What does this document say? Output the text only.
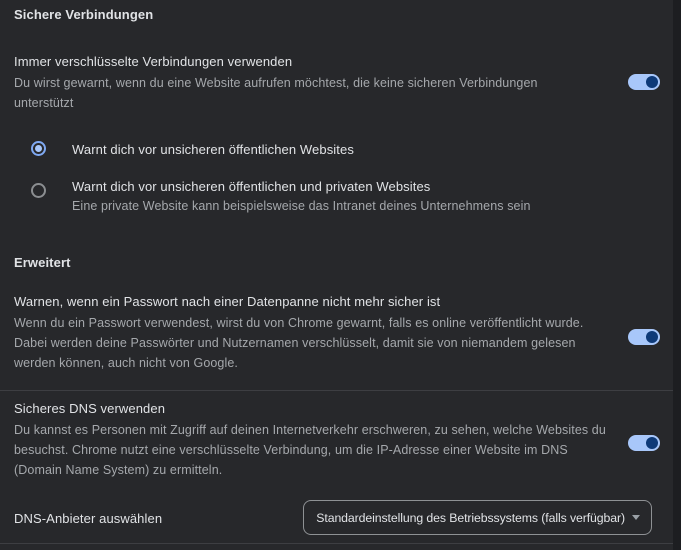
Sichere Verbindungen
Immer verschlüsselte Verbindungen verwenden
Du wirst gewarnt, wenn du eine Website aufrufen möchtest, die keine sicheren Verbindungen unterstützt
Warnt dich vor unsicheren öffentlichen Websites
Warnt dich vor unsicheren öffentlichen und privaten Websites
Eine private Website kann beispielsweise das Intranet deines Unternehmens sein
Erweitert
Warnen, wenn ein Passwort nach einer Datenpanne nicht mehr sicher ist
Wenn du ein Passwort verwendest, wirst du von Chrome gewarnt, falls es online veröffentlicht wurde. Dabei werden deine Passwörter und Nutzernamen verschlüsselt, damit sie von niemandem gelesen werden können, auch nicht von Google.
Sicheres DNS verwenden
Du kannst es Personen mit Zugriff auf deinen Internetverkehr erschweren, zu sehen, welche Websites du besuchst. Chrome nutzt eine verschlüsselte Verbindung, um die IP-Adresse einer Website im DNS (Domain Name System) zu ermitteln.
DNS-Anbieter auswählen	Standardeinstellung des Betriebssystems (falls verfügbar)
